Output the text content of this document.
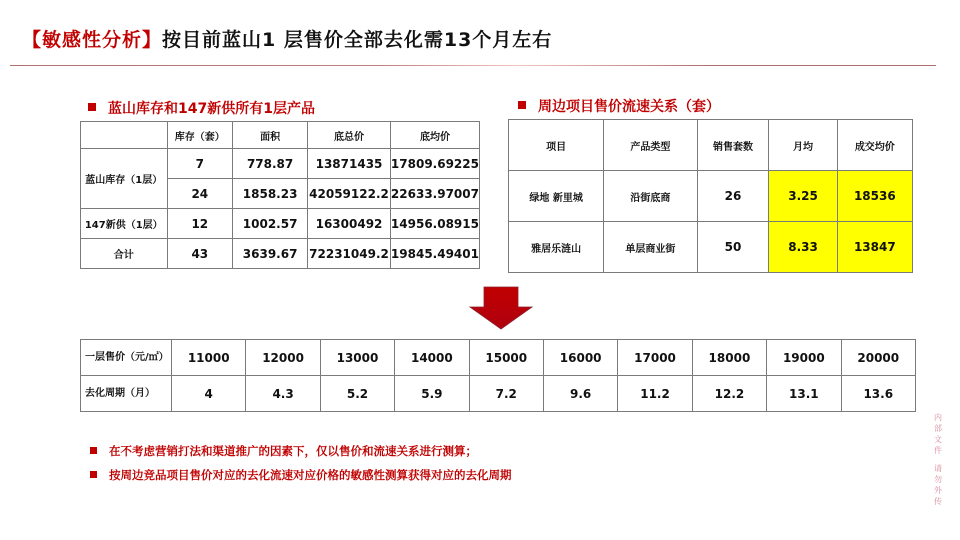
【敏感性分析】按目前蓝山1 层售价全部去化需13个月左右
蓝山库存和147新供所有1层产品
	库存（套）	面积	底总价	底均价
蓝山库存（1层）	7	778.87	13871435	17809.69225
	24	1858.23	42059122.2	22633.97007
147新供（1层）	12	1002.57	16300492	14956.08915
合计	43	3639.67	72231049.2	19845.49401
周边项目售价流速关系（套）
项目	产品类型	销售套数	月均	成交均价
绿地 新里城	沿街底商	26	3.25	18536
雅居乐涟山	单层商业街	50	8.33	13847
一层售价（元/㎡）	11000	12000	13000	14000	15000	16000	17000	18000	19000	20000
去化周期（月）	4	4.3	5.2	5.9	7.2	9.6	11.2	12.2	13.1	13.6
在不考虑营销打法和渠道推广的因素下，仅以售价和流速关系进行测算；
按周边竞品项目售价对应的去化流速对应价格的敏感性测算获得对应的去化周期
内
部
文
件
请
勿
外
传
